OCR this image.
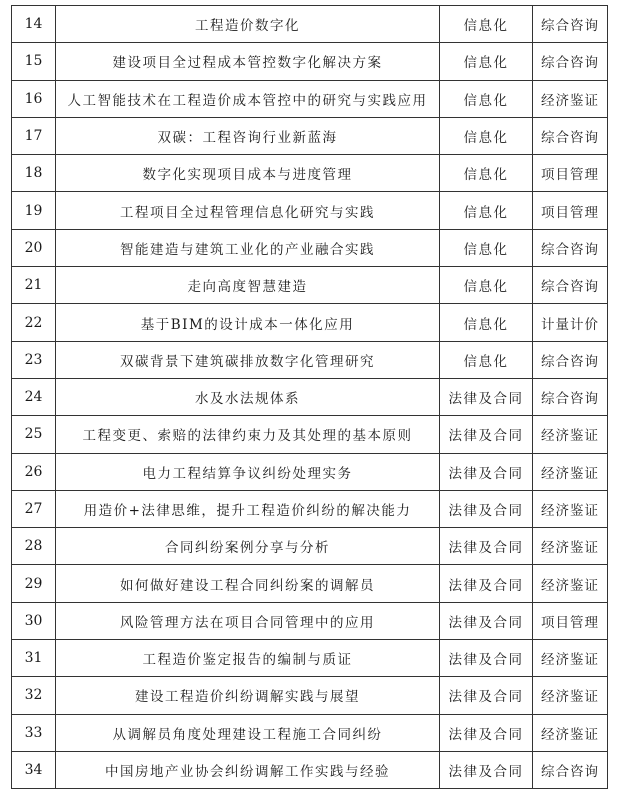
14	工程造价数字化	信息化	综合咨询
15	建设项目全过程成本管控数字化解决方案	信息化	综合咨询
16	人工智能技术在工程造价成本管控中的研究与实践应用	信息化	经济鉴证
17	双碳：工程咨询行业新蓝海	信息化	综合咨询
18	数字化实现项目成本与进度管理	信息化	项目管理
19	工程项目全过程管理信息化研究与实践	信息化	项目管理
20	智能建造与建筑工业化的产业融合实践	信息化	综合咨询
21	走向高度智慧建造	信息化	综合咨询
22	基于BIM的设计成本一体化应用	信息化	计量计价
23	双碳背景下建筑碳排放数字化管理研究	信息化	综合咨询
24	水及水法规体系	法律及合同	综合咨询
25	工程变更、索赔的法律约束力及其处理的基本原则	法律及合同	经济鉴证
26	电力工程结算争议纠纷处理实务	法律及合同	经济鉴证
27	用造价+法律思维，提升工程造价纠纷的解决能力	法律及合同	经济鉴证
28	合同纠纷案例分享与分析	法律及合同	经济鉴证
29	如何做好建设工程合同纠纷案的调解员	法律及合同	经济鉴证
30	风险管理方法在项目合同管理中的应用	法律及合同	项目管理
31	工程造价鉴定报告的编制与质证	法律及合同	经济鉴证
32	建设工程造价纠纷调解实践与展望	法律及合同	经济鉴证
33	从调解员角度处理建设工程施工合同纠纷	法律及合同	经济鉴证
34	中国房地产业协会纠纷调解工作实践与经验	法律及合同	综合咨询
